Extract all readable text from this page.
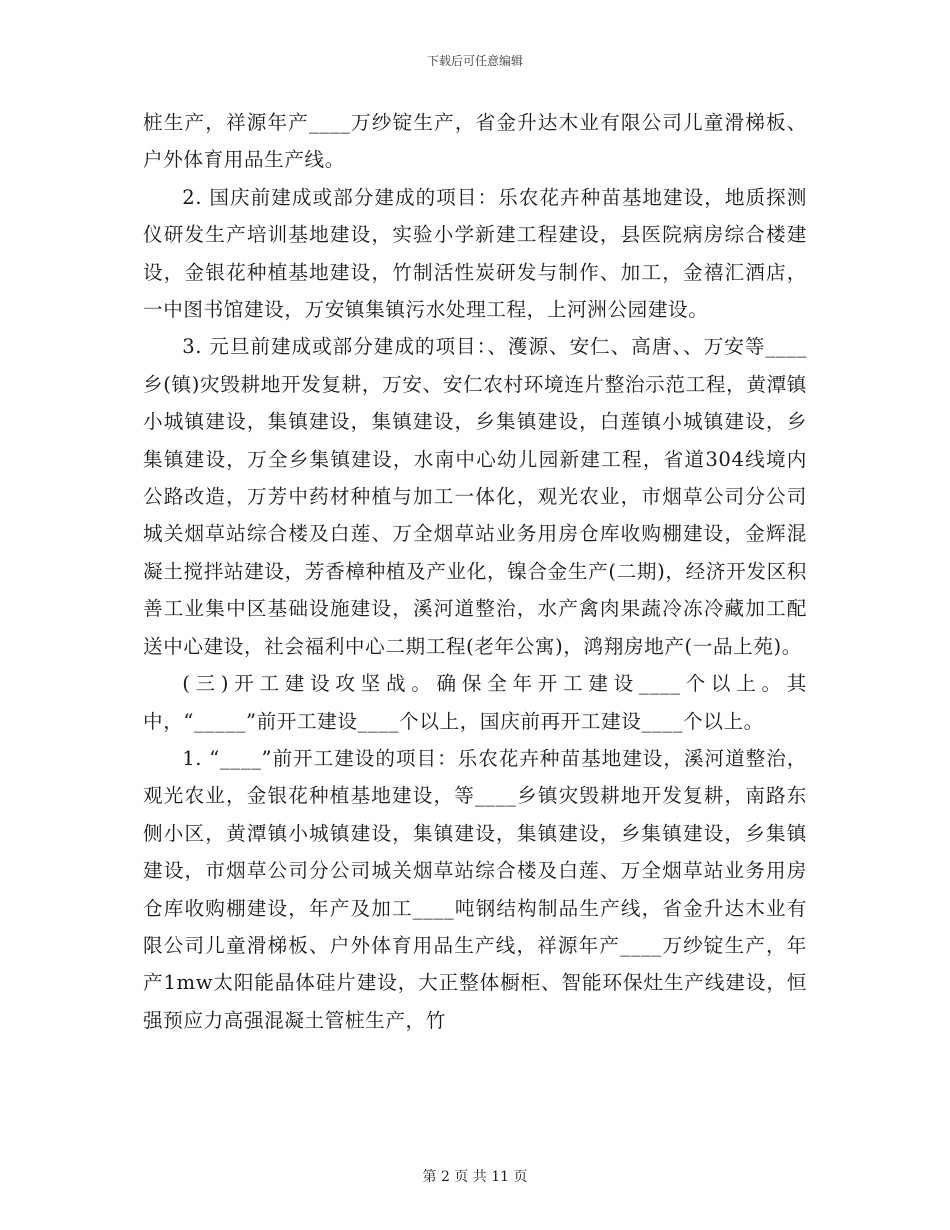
下载后可任意编辑

桩生产，祥源年产____万纱锭生产，省金升达木业有限公司儿童滑梯板、户外体育用品生产线。

2. 国庆前建成或部分建成的项目：乐农花卉种苗基地建设，地质探测仪研发生产培训基地建设，实验小学新建工程建设，县医院病房综合楼建设，金银花种植基地建设，竹制活性炭研发与制作、加工，金禧汇酒店，一中图书馆建设，万安镇集镇污水处理工程，上河洲公园建设。

3. 元旦前建成或部分建成的项目：、濩源、安仁、高唐、、万安等____乡(镇)灾毁耕地开发复耕，万安、安仁农村环境连片整治示范工程，黄潭镇小城镇建设，集镇建设，集镇建设，乡集镇建设，白莲镇小城镇建设，乡集镇建设，万全乡集镇建设，水南中心幼儿园新建工程，省道304线境内公路改造，万芳中药材种植与加工一体化，观光农业，市烟草公司分公司城关烟草站综合楼及白莲、万全烟草站业务用房仓库收购棚建设，金辉混凝土搅拌站建设，芳香樟种植及产业化，镍合金生产(二期)，经济开发区积善工业集中区基础设施建设，溪河道整治，水产禽肉果蔬冷冻冷藏加工配送中心建设，社会福利中心二期工程(老年公寓)，鸿翔房地产(一品上苑)。

(三)开工建设攻坚战。确保全年开工建设____个以上。其中，“_____”前开工建设____个以上，国庆前再开工建设____个以上。

1. “____”前开工建设的项目：乐农花卉种苗基地建设，溪河道整治，观光农业，金银花种植基地建设，等____乡镇灾毁耕地开发复耕，南路东侧小区，黄潭镇小城镇建设，集镇建设，集镇建设，乡集镇建设，乡集镇建设，市烟草公司分公司城关烟草站综合楼及白莲、万全烟草站业务用房仓库收购棚建设，年产及加工____吨钢结构制品生产线，省金升达木业有限公司儿童滑梯板、户外体育用品生产线，祥源年产____万纱锭生产，年产1mw太阳能晶体硅片建设，大正整体橱柜、智能环保灶生产线建设，恒强预应力高强混凝土管桩生产，竹

第 2 页 共 11 页
